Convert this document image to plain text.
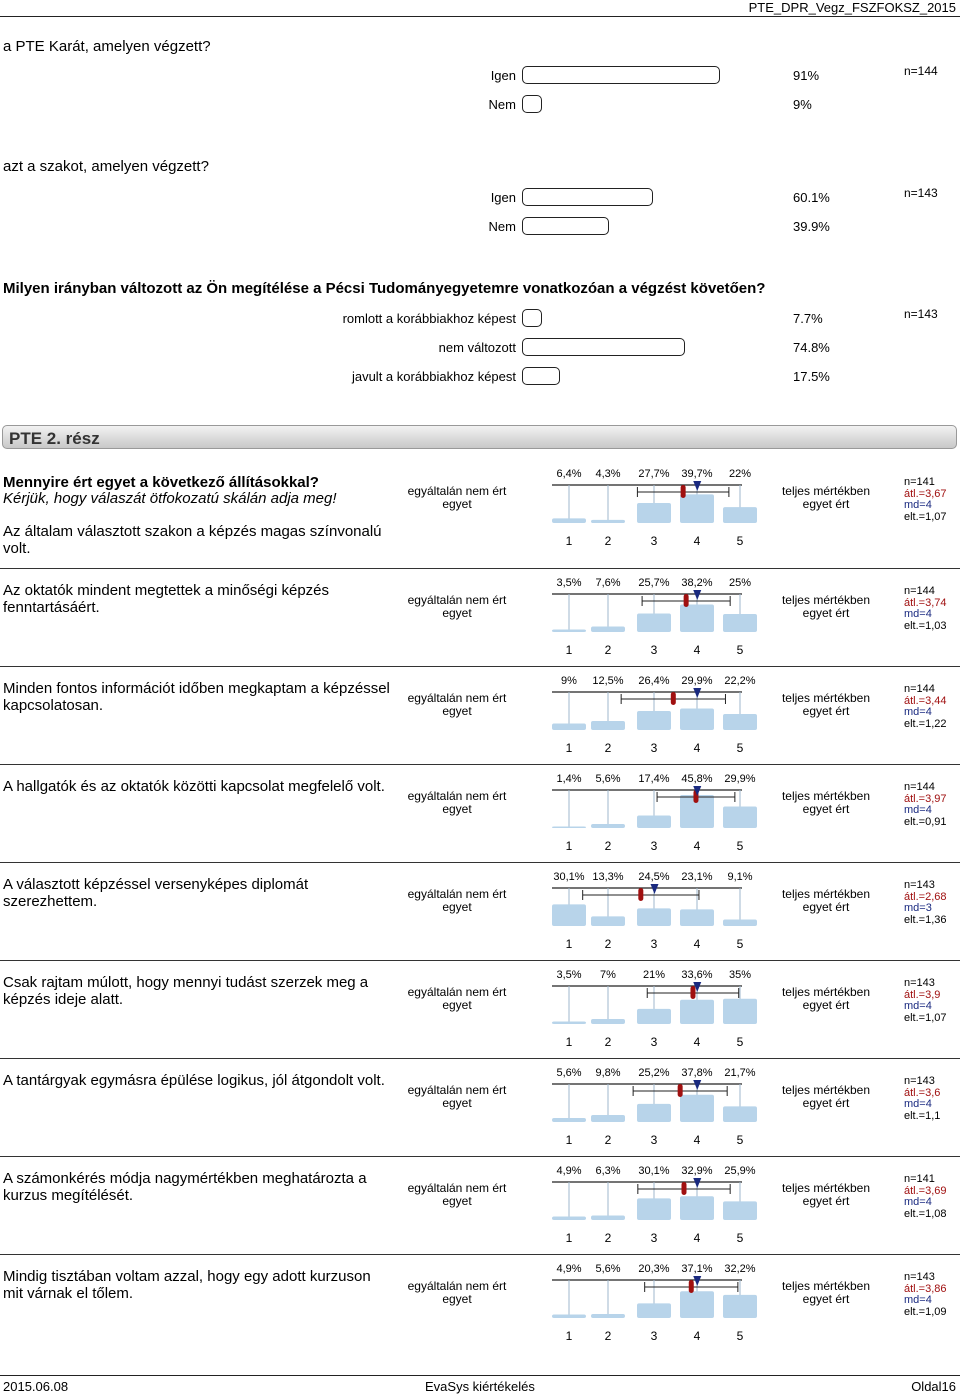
PTE_DPR_Vegz_FSZFOKSZ_2015
a PTE Karát, amelyen végzett?
n=144
Igen	91%
Nem	9%
azt a szakot, amelyen végzett?
n=143
Igen	60.1%
Nem	39.9%
Milyen irányban változott az Ön megítélése a Pécsi Tudományegyetemre vonatkozóan a végzést követően?
n=143
romlott a korábbiakhoz képest	7.7%
nem változott	74.8%
javult a korábbiakhoz képest	17.5%
PTE 2. rész
Mennyire ért egyet a következő állításokkal?
Kérjük, hogy válaszát ötfokozatú skálán adja meg!
Az általam választott szakon a képzés magas színvonalú volt.
egyáltalán nem ért egyet
teljes mértékben egyet ért
n=141
átl.=3,67
md=4
elt.=1,07
6,4%	4,3%	27,7%	39,7%	22%
1	2	3	4	5
Az oktatók mindent megtettek a minőségi képzés fenntartásáért.	egyáltalán nem ért egyet
teljes mértékben egyet ért
n=144
átl.=3,74
md=4
elt.=1,03
3,5%	7,6%	25,7%	38,2%	25%
1	2	3	4	5
Minden fontos információt időben megkaptam a képzéssel kapcsolatosan.	egyáltalán nem ért egyet
teljes mértékben egyet ért
n=144
átl.=3,44
md=4
elt.=1,22
9%	12,5%	26,4%	29,9%	22,2%
1	2	3	4	5
A hallgatók és az oktatók közötti kapcsolat megfelelő volt.
egyáltalán nem ért egyet
teljes mértékben egyet ért
n=144
átl.=3,97
md=4
elt.=0,91
1,4%	5,6%	17,4%	45,8%	29,9%
1	2	3	4	5
A választott képzéssel versenyképes diplomát szerezhettem.	egyáltalán nem ért egyet
teljes mértékben egyet ért
n=143
átl.=2,68
md=3
elt.=1,36
30,1% 13,3%	24,5%	23,1%	9,1%
1	2	3	4	5
Csak rajtam múlott, hogy mennyi tudást szerzek meg a képzés ideje alatt.	egyáltalán nem ért egyet
teljes mértékben egyet ért
n=143
átl.=3,9
md=4
elt.=1,07
3,5%	7%	21%	33,6%	35%
1	2	3	4	5
A tantárgyak egymásra épülése logikus, jól átgondolt volt.
egyáltalán nem ért egyet
teljes mértékben egyet ért
n=143
átl.=3,6
md=4
elt.=1,1
5,6%	9,8%	25,2%	37,8%	21,7%
1	2	3	4	5
A számonkérés módja nagymértékben meghatározta a kurzus megítélését.	egyáltalán nem ért egyet
teljes mértékben egyet ért
n=141
átl.=3,69
md=4
elt.=1,08
4,9%	6,3%	30,1%	32,9%	25,9%
1	2	3	4	5
Mindig tisztában voltam azzal, hogy egy adott kurzuson mit várnak el tőlem.	egyáltalán nem ért egyet
teljes mértékben egyet ért
n=143
átl.=3,86
md=4
elt.=1,09
4,9%	5,6%	20,3%	37,1%	32,2%
1	2	3	4	5
2015.06.08	EvaSys kiértékelés	Oldal16
